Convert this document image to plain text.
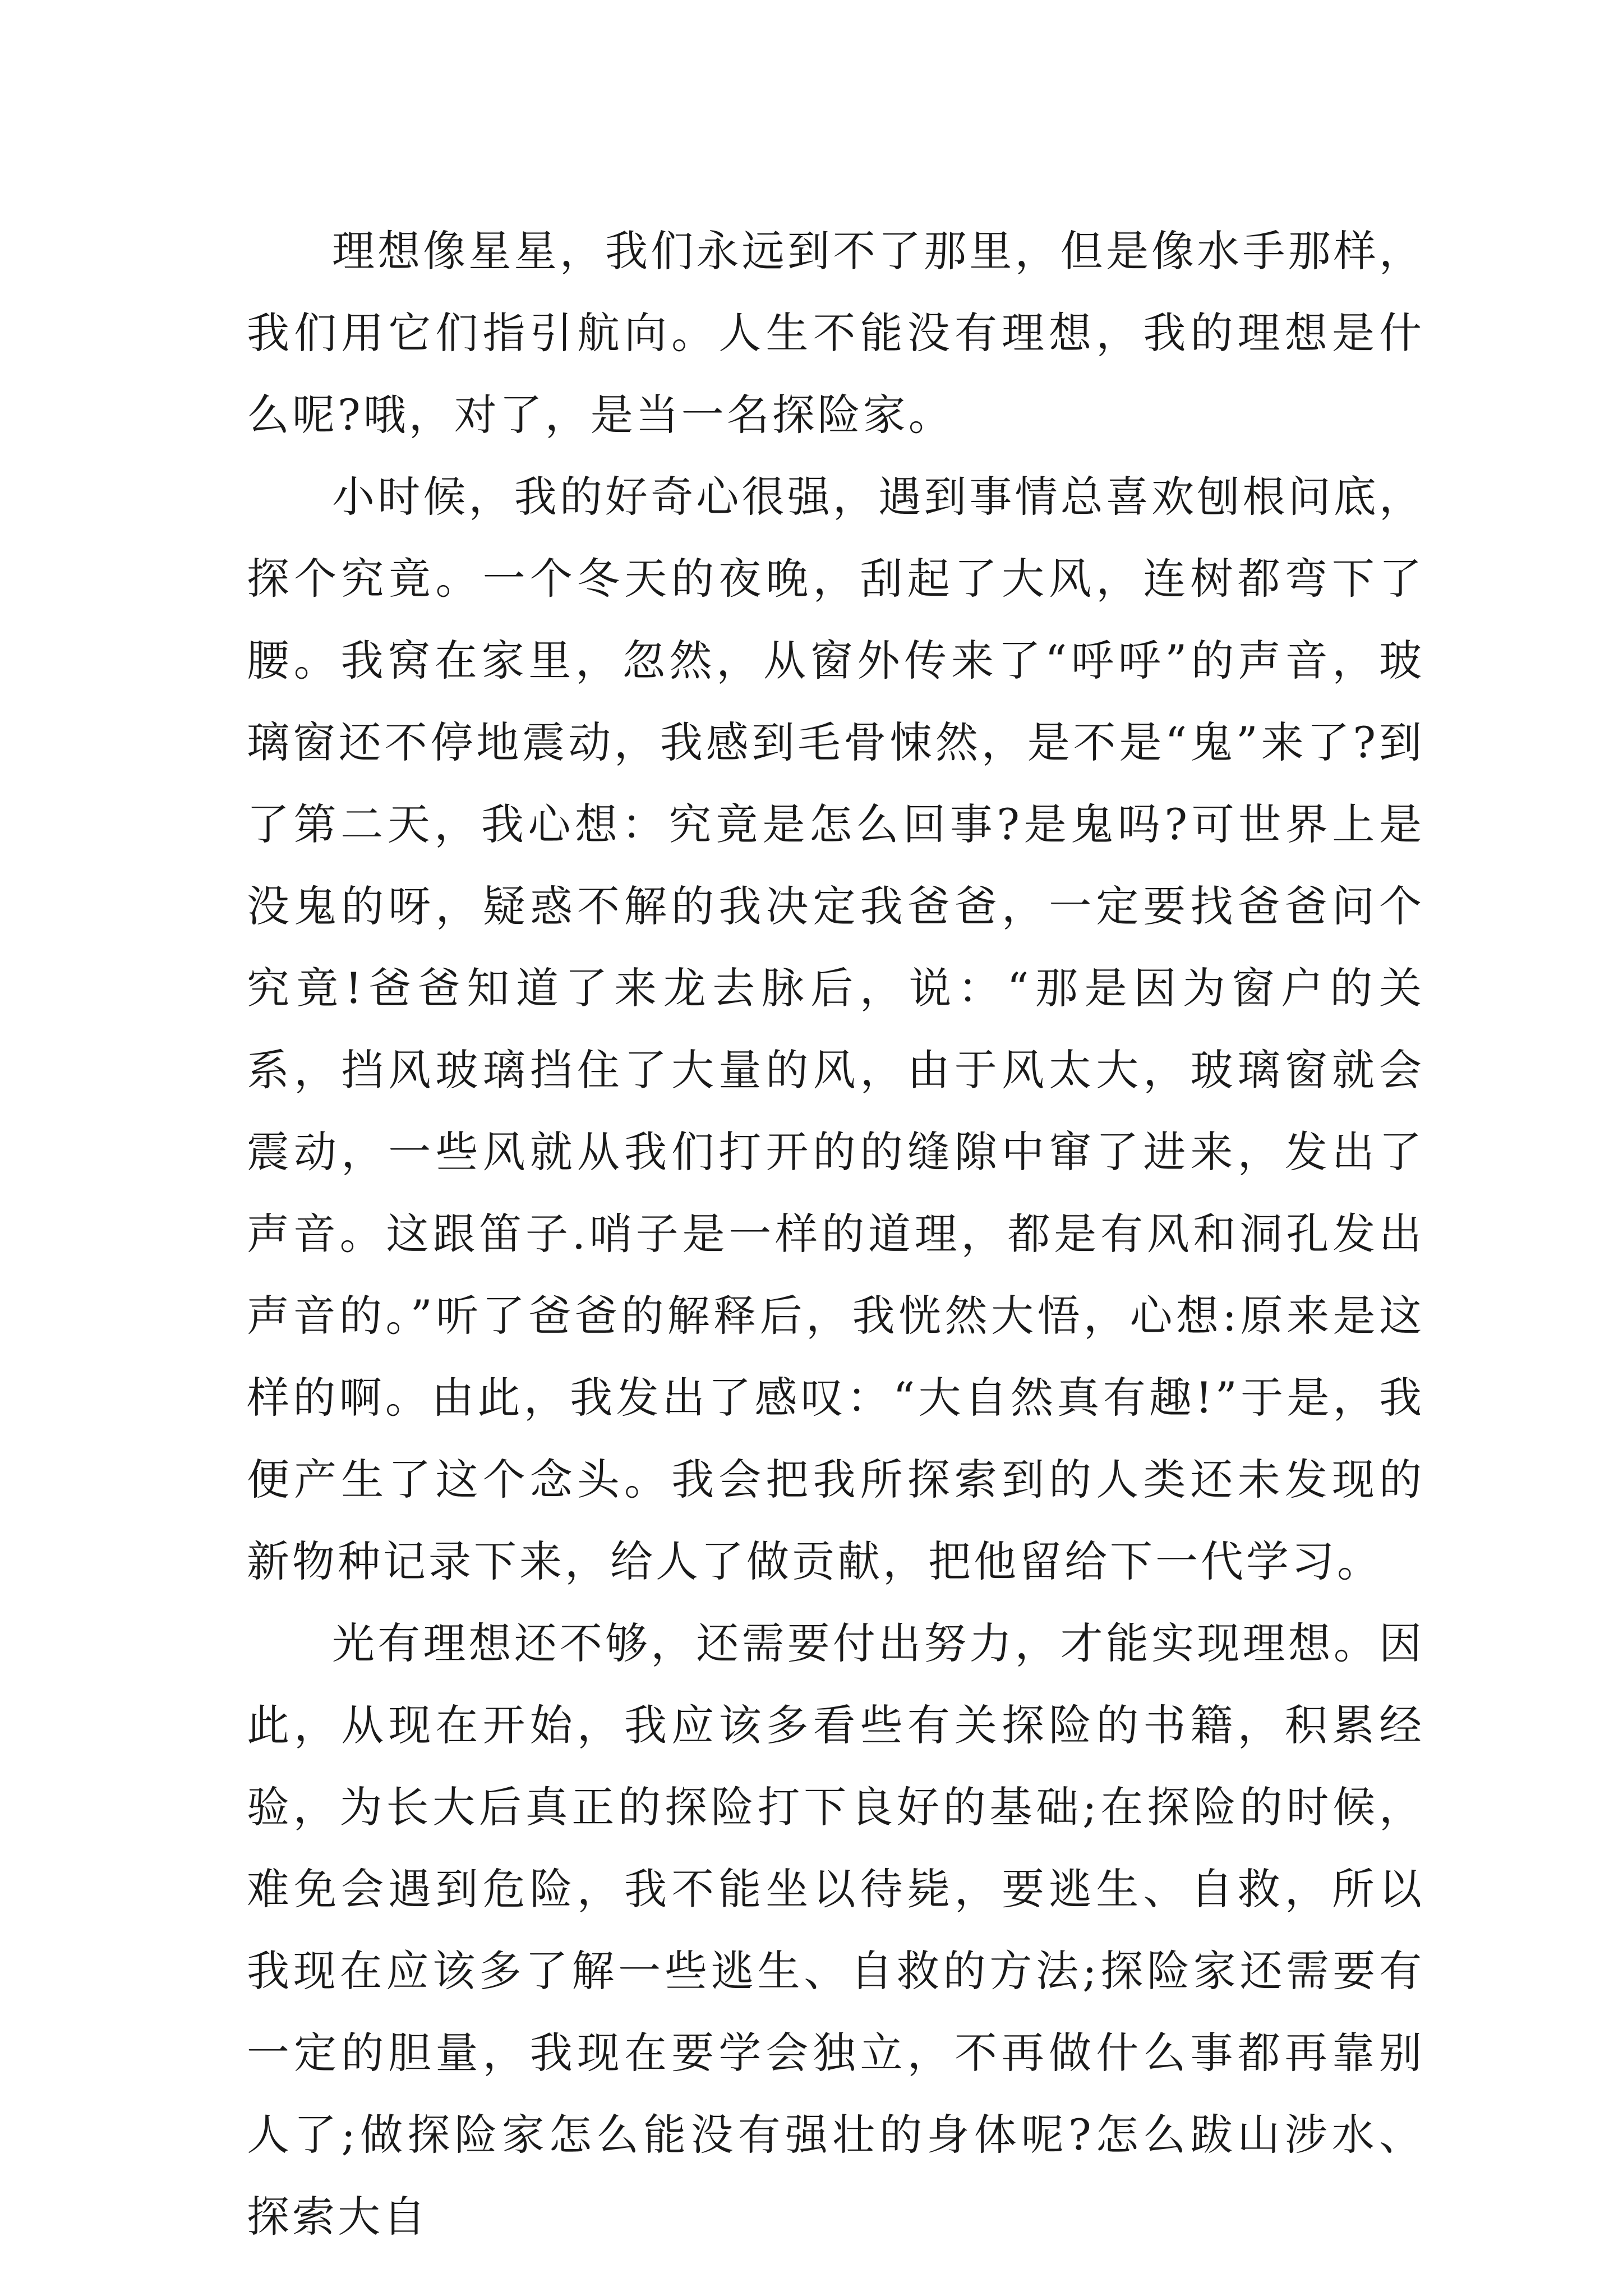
理想像星星，我们永远到不了那里，但是像水手那样，我们用它们指引航向。人生不能没有理想，我的理想是什么呢?哦，对了，是当一名探险家。

小时候，我的好奇心很强，遇到事情总喜欢刨根问底，探个究竟。一个冬天的夜晚，刮起了大风，连树都弯下了腰。我窝在家里，忽然，从窗外传来了“呼呼”的声音，玻璃窗还不停地震动，我感到毛骨悚然，是不是“鬼”来了?到了第二天，我心想：究竟是怎么回事?是鬼吗?可世界上是没鬼的呀，疑惑不解的我决定我爸爸，一定要找爸爸问个究竟!爸爸知道了来龙去脉后，说：“那是因为窗户的关系，挡风玻璃挡住了大量的风，由于风太大，玻璃窗就会震动，一些风就从我们打开的的缝隙中窜了进来，发出了声音。这跟笛子.哨子是一样的道理，都是有风和洞孔发出声音的。”听了爸爸的解释后，我恍然大悟，心想:原来是这样的啊。由此，我发出了感叹：“大自然真有趣!”于是，我便产生了这个念头。我会把我所探索到的人类还未发现的新物种记录下来，给人了做贡献，把他留给下一代学习。

光有理想还不够，还需要付出努力，才能实现理想。因此，从现在开始，我应该多看些有关探险的书籍，积累经验，为长大后真正的探险打下良好的基础;在探险的时候，难免会遇到危险，我不能坐以待毙，要逃生、自救，所以我现在应该多了解一些逃生、自救的方法;探险家还需要有一定的胆量，我现在要学会独立，不再做什么事都再靠别人了;做探险家怎么能没有强壮的身体呢?怎么跋山涉水、探索大自
